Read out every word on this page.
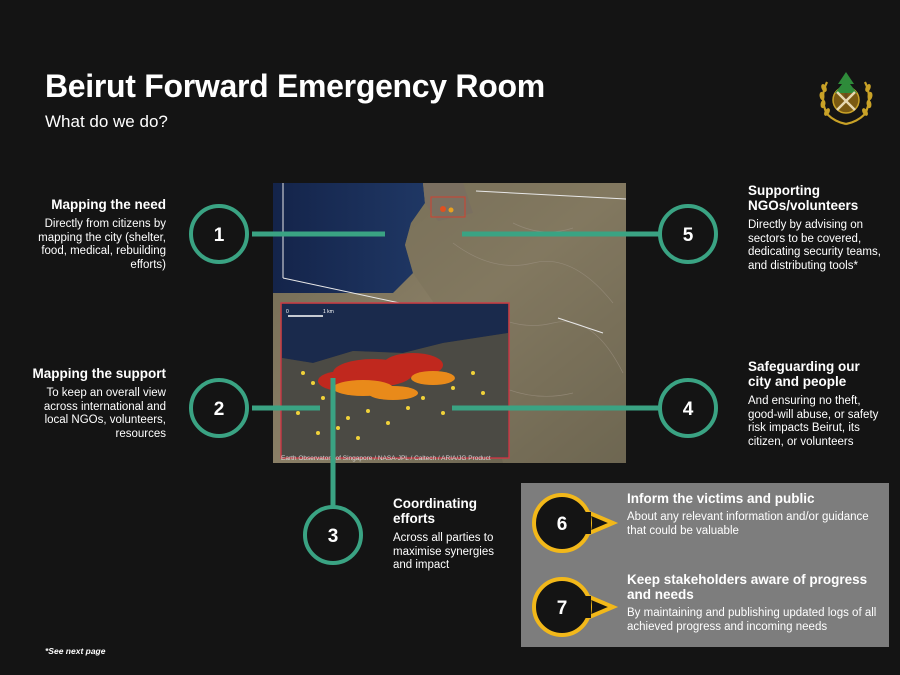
Beirut Forward Emergency Room
What do we do?
0	1 km
Earth Observatory of Singapore / NASA-JPL / Caltech / ARIA/JG Product
1
2
3
4
5
6
7
Mapping the need

Directly from citizens by mapping the city (shelter, food, medical, rebuilding efforts)

Mapping the support

To keep an overall view across international and local NGOs, volunteers, resources

Coordinating efforts

Across all parties to maximise synergies and impact

Safeguarding our city and people

And ensuring no theft, good-will abuse, or safety risk impacts Beirut, its citizen, or volunteers

Supporting NGOs/volunteers

Directly by advising on sectors to be covered, dedicating security teams, and distributing tools*

Inform the victims and public

About any relevant information and/or guidance that could be valuable

Keep stakeholders aware of progress and needs

By maintaining and publishing updated logs of all achieved progress and incoming needs

*See next page
